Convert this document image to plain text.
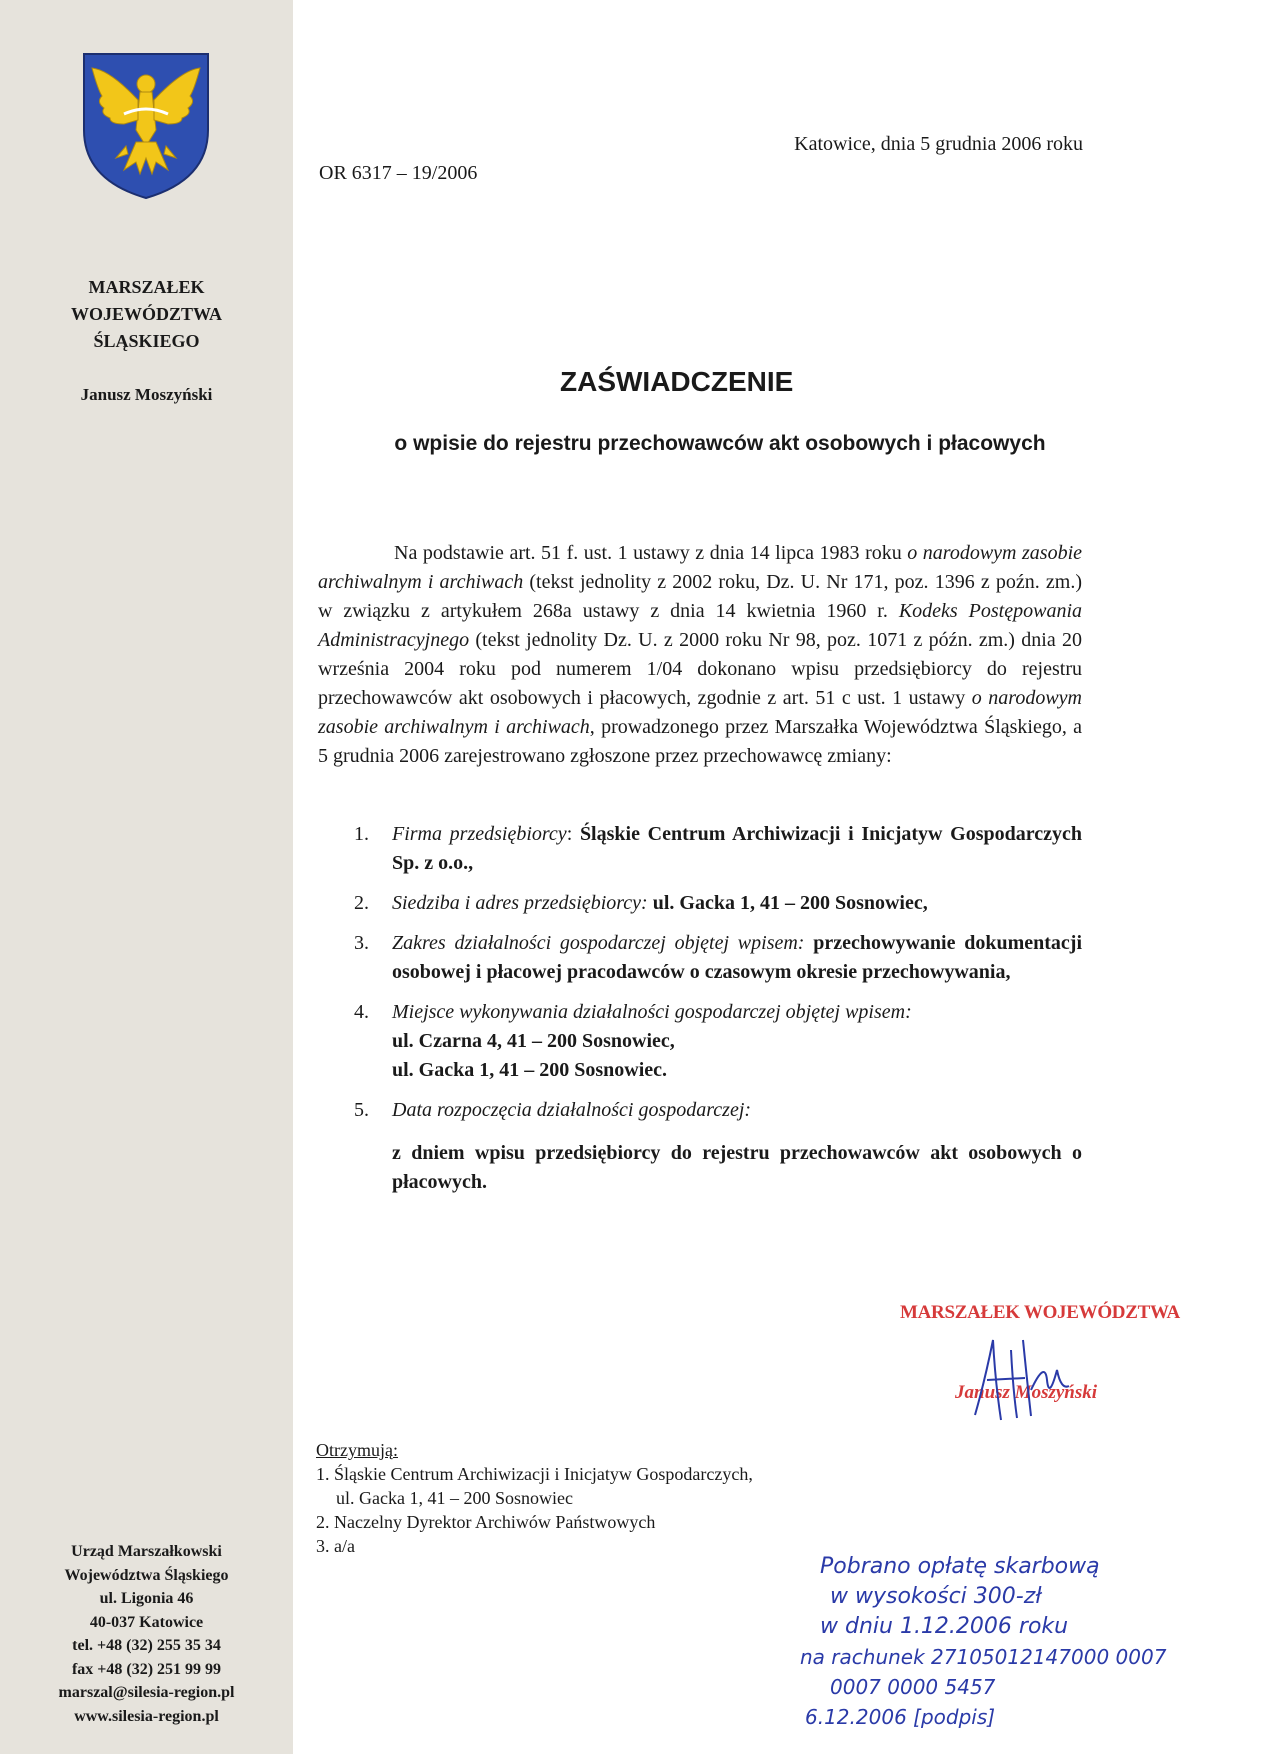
MARSZAŁEK
WOJEWÓDZTWA
ŚLĄSKIEGO
Janusz Moszyński
Urząd Marszałkowski
Województwa Śląskiego
ul. Ligonia 46
40-037 Katowice
tel. +48 (32) 255 35 34
fax +48 (32) 251 99 99
marszal@silesia-region.pl
www.silesia-region.pl
OR 6317 – 19/2006
Katowice, dnia 5 grudnia 2006 roku
ZAŚWIADCZENIE
o wpisie do rejestru przechowawców akt osobowych i płacowych
Na podstawie art. 51 f. ust. 1 ustawy z dnia 14 lipca 1983 roku o narodowym zasobie archiwalnym i archiwach (tekst jednolity z 2002 roku, Dz. U. Nr 171, poz. 1396 z poźn. zm.) w związku z artykułem 268a ustawy z dnia 14 kwietnia 1960 r. Kodeks Postępowania Administracyjnego (tekst jednolity Dz. U. z 2000 roku Nr 98, poz. 1071 z późn. zm.) dnia 20 września 2004 roku pod numerem 1/04 dokonano wpisu przedsiębiorcy do rejestru przechowawców akt osobowych i płacowych, zgodnie z art. 51 c ust. 1 ustawy o narodowym zasobie archiwalnym i archiwach, prowadzonego przez Marszałka Województwa Śląskiego, a 5 grudnia 2006 zarejestrowano zgłoszone przez przechowawcę zmiany:
1. Firma przedsiębiorcy: Śląskie Centrum Archiwizacji i Inicjatyw Gospodarczych Sp. z o.o.,
2. Siedziba i adres przedsiębiorcy: ul. Gacka 1, 41 – 200 Sosnowiec,
3. Zakres działalności gospodarczej objętej wpisem: przechowywanie dokumentacji osobowej i płacowej pracodawców o czasowym okresie przechowywania,
4. Miejsce wykonywania działalności gospodarczej objętej wpisem:
ul. Czarna 4, 41 – 200 Sosnowiec,
ul. Gacka 1, 41 – 200 Sosnowiec.
5. Data rozpoczęcia działalności gospodarczej:
z dniem wpisu przedsiębiorcy do rejestru przechowawców akt osobowych o płacowych.
MARSZAŁEK WOJEWÓDZTWA
Janusz Moszyński
Otrzymują:
1. Śląskie Centrum Archiwizacji i Inicjatyw Gospodarczych,
ul. Gacka 1, 41 – 200 Sosnowiec
2. Naczelny Dyrektor Archiwów Państwowych
3. a/a
Pobrano opłatę skarbową
w wysokości 300-zł
w dniu 1.12.2006 roku
na rachunek 27105012147000 0007
0007 0000 5457
6.12.2006 [podpis]
